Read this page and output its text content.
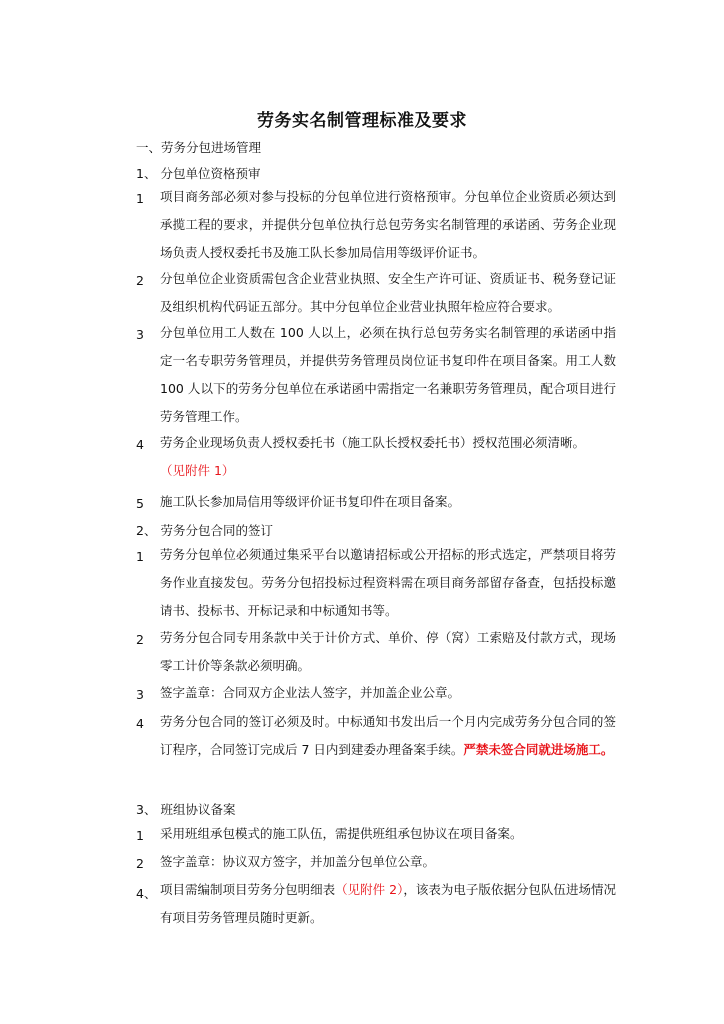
劳务实名制管理标准及要求
一、劳务分包进场管理
1、 分包单位资格预审
1 项目商务部必须对参与投标的分包单位进行资格预审。分包单位企业资质必须达到承揽工程的要求，并提供分包单位执行总包劳务实名制管理的承诺函、劳务企业现场负责人授权委托书及施工队长参加局信用等级评价证书。
2 分包单位企业资质需包含企业营业执照、安全生产许可证、资质证书、税务登记证及组织机构代码证五部分。其中分包单位企业营业执照年检应符合要求。
3 分包单位用工人数在 100 人以上，必须在执行总包劳务实名制管理的承诺函中指定一名专职劳务管理员，并提供劳务管理员岗位证书复印件在项目备案。用工人数 100 人以下的劳务分包单位在承诺函中需指定一名兼职劳务管理员，配合项目进行劳务管理工作。
4 劳务企业现场负责人授权委托书（施工队长授权委托书）授权范围必须清晰。
（见附件 1）
5 施工队长参加局信用等级评价证书复印件在项目备案。
2、 劳务分包合同的签订
1 劳务分包单位必须通过集采平台以邀请招标或公开招标的形式选定，严禁项目将劳务作业直接发包。劳务分包招投标过程资料需在项目商务部留存备查，包括投标邀请书、投标书、开标记录和中标通知书等。
2 劳务分包合同专用条款中关于计价方式、单价、停（窝）工索赔及付款方式，现场零工计价等条款必须明确。
3 签字盖章：合同双方企业法人签字，并加盖企业公章。
4 劳务分包合同的签订必须及时。中标通知书发出后一个月内完成劳务分包合同的签订程序，合同签订完成后 7 日内到建委办理备案手续。严禁未签合同就进场施工。
3、 班组协议备案
1 采用班组承包模式的施工队伍，需提供班组承包协议在项目备案。
2 签字盖章：协议双方签字，并加盖分包单位公章。
4、 项目需编制项目劳务分包明细表（见附件 2），该表为电子版依据分包队伍进场情况有项目劳务管理员随时更新。
